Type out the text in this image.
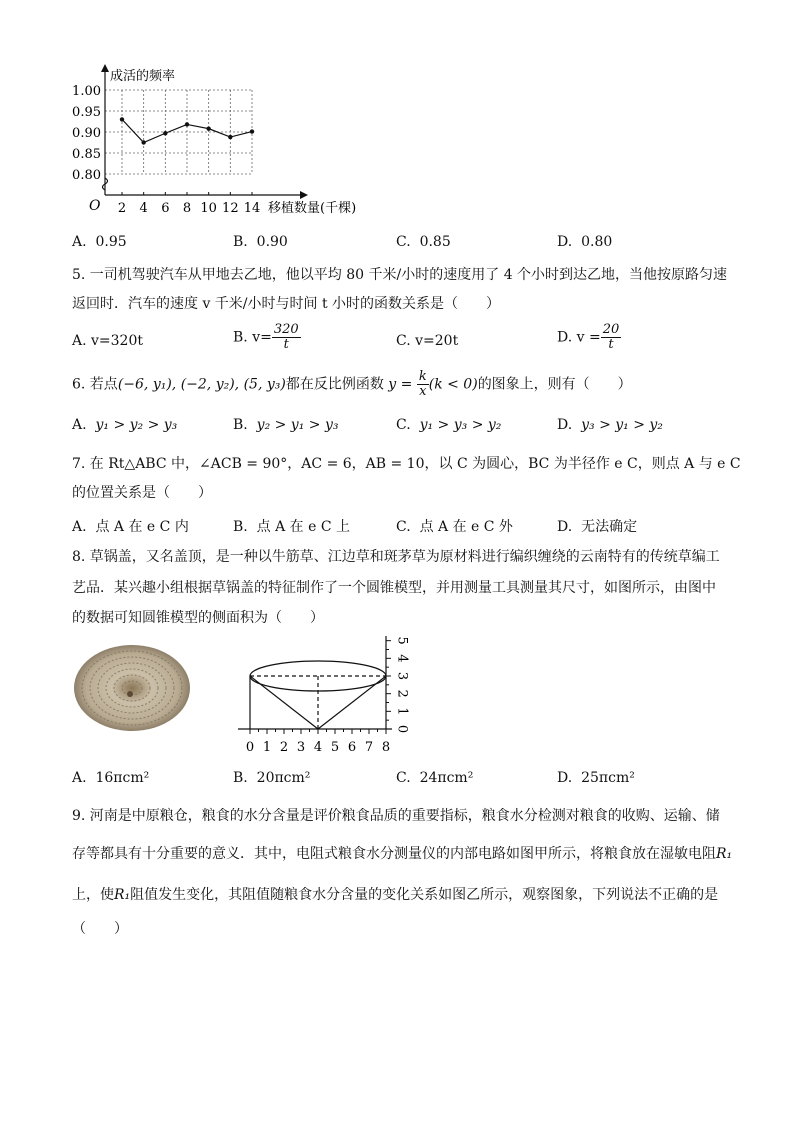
1.00
0.95
0.90
0.85
0.80
2 4 6 8 10 12 14
成活的频率
移植数量(千棵)
O
A. 0.95	B. 0.90	C. 0.85	D. 0.80
5. 一司机驾驶汽车从甲地去乙地，他以平均 80 千米/小时的速度用了 4 个小时到达乙地，当他按原路匀速
返回时．汽车的速度 v 千米/小时与时间 t 小时的函数关系是（　　）
A. v=320t	B. $v= \frac{320}{t}$	C. v=20t	D. $v = \frac{20}{t}$
6. 若点(−6, y₁), (−2, y₂), (5, y₃)都在反比例函数 $y = \frac{k}{x} (k < 0)$的图象上，则有（　　）
A. y₁ > y₂ > y₃	B. y₂ > y₁ > y₃	C. y₁ > y₃ > y₂	D. y₃ > y₁ > y₂
7. 在 Rt△ABC 中，∠ACB = 90°，AC = 6，AB = 10，以 C 为圆心，BC 为半径作 e C，则点 A 与 e C
的位置关系是（　　）
A. 点 A 在 e C 内	B. 点 A 在 e C 上	C. 点 A 在 e C 外	D. 无法确定
8. 草锅盖，又名盖顶，是一种以牛筋草、江边草和斑茅草为原材料进行编织缠绕的云南特有的传统草编工
艺品．某兴趣小组根据草锅盖的特征制作了一个圆锥模型，并用测量工具测量其尺寸，如图所示，由图中
的数据可知圆锥模型的侧面积为（　　）
0 1 2 3 4 5 6 7 8
0
1
2
3
4
5
A. 16πcm²	B. 20πcm²	C. 24πcm²	D. 25πcm²
9. 河南是中原粮仓，粮食的水分含量是评价粮食品质的重要指标，粮食水分检测对粮食的收购、运输、储
存等都具有十分重要的意义．其中，电阻式粮食水分测量仪的内部电路如图甲所示，将粮食放在湿敏电阻R₁
上，使R₁阻值发生变化，其阻值随粮食水分含量的变化关系如图乙所示，观察图象，下列说法不正确的是
（　　）
